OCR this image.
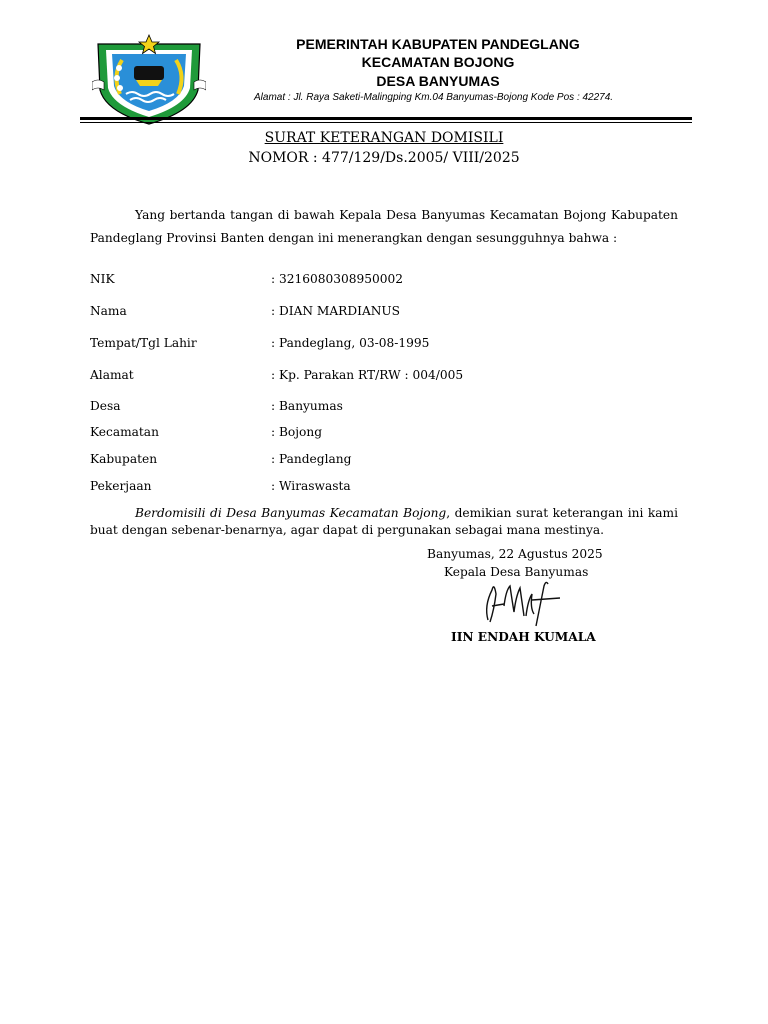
PEMERINTAH KABUPATEN PANDEGLANG
KECAMATAN BOJONG
DESA BANYUMAS
Alamat : Jl. Raya Saketi-Malingping Km.04 Banyumas-Bojong Kode Pos : 42274.
SURAT KETERANGAN DOMISILI
NOMOR : 477/129/Ds.2005/ VIII/2025
Yang bertanda tangan di bawah Kepala Desa Banyumas Kecamatan Bojong Kabupaten Pandeglang Provinsi Banten dengan ini menerangkan dengan sesungguhnya bahwa :
NIK	: 3216080308950002
Nama	: DIAN MARDIANUS
Tempat/Tgl Lahir	: Pandeglang, 03-08-1995
Alamat	: Kp. Parakan RT/RW : 004/005
Desa	: Banyumas
Kecamatan	: Bojong
Kabupaten	: Pandeglang
Pekerjaan	: Wiraswasta
Berdomisili di Desa Banyumas Kecamatan Bojong, demikian surat keterangan ini kami buat dengan sebenar-benarnya, agar dapat di pergunakan sebagai mana mestinya.
Banyumas, 22 Agustus 2025
Kepala Desa Banyumas
IIN ENDAH KUMALA
